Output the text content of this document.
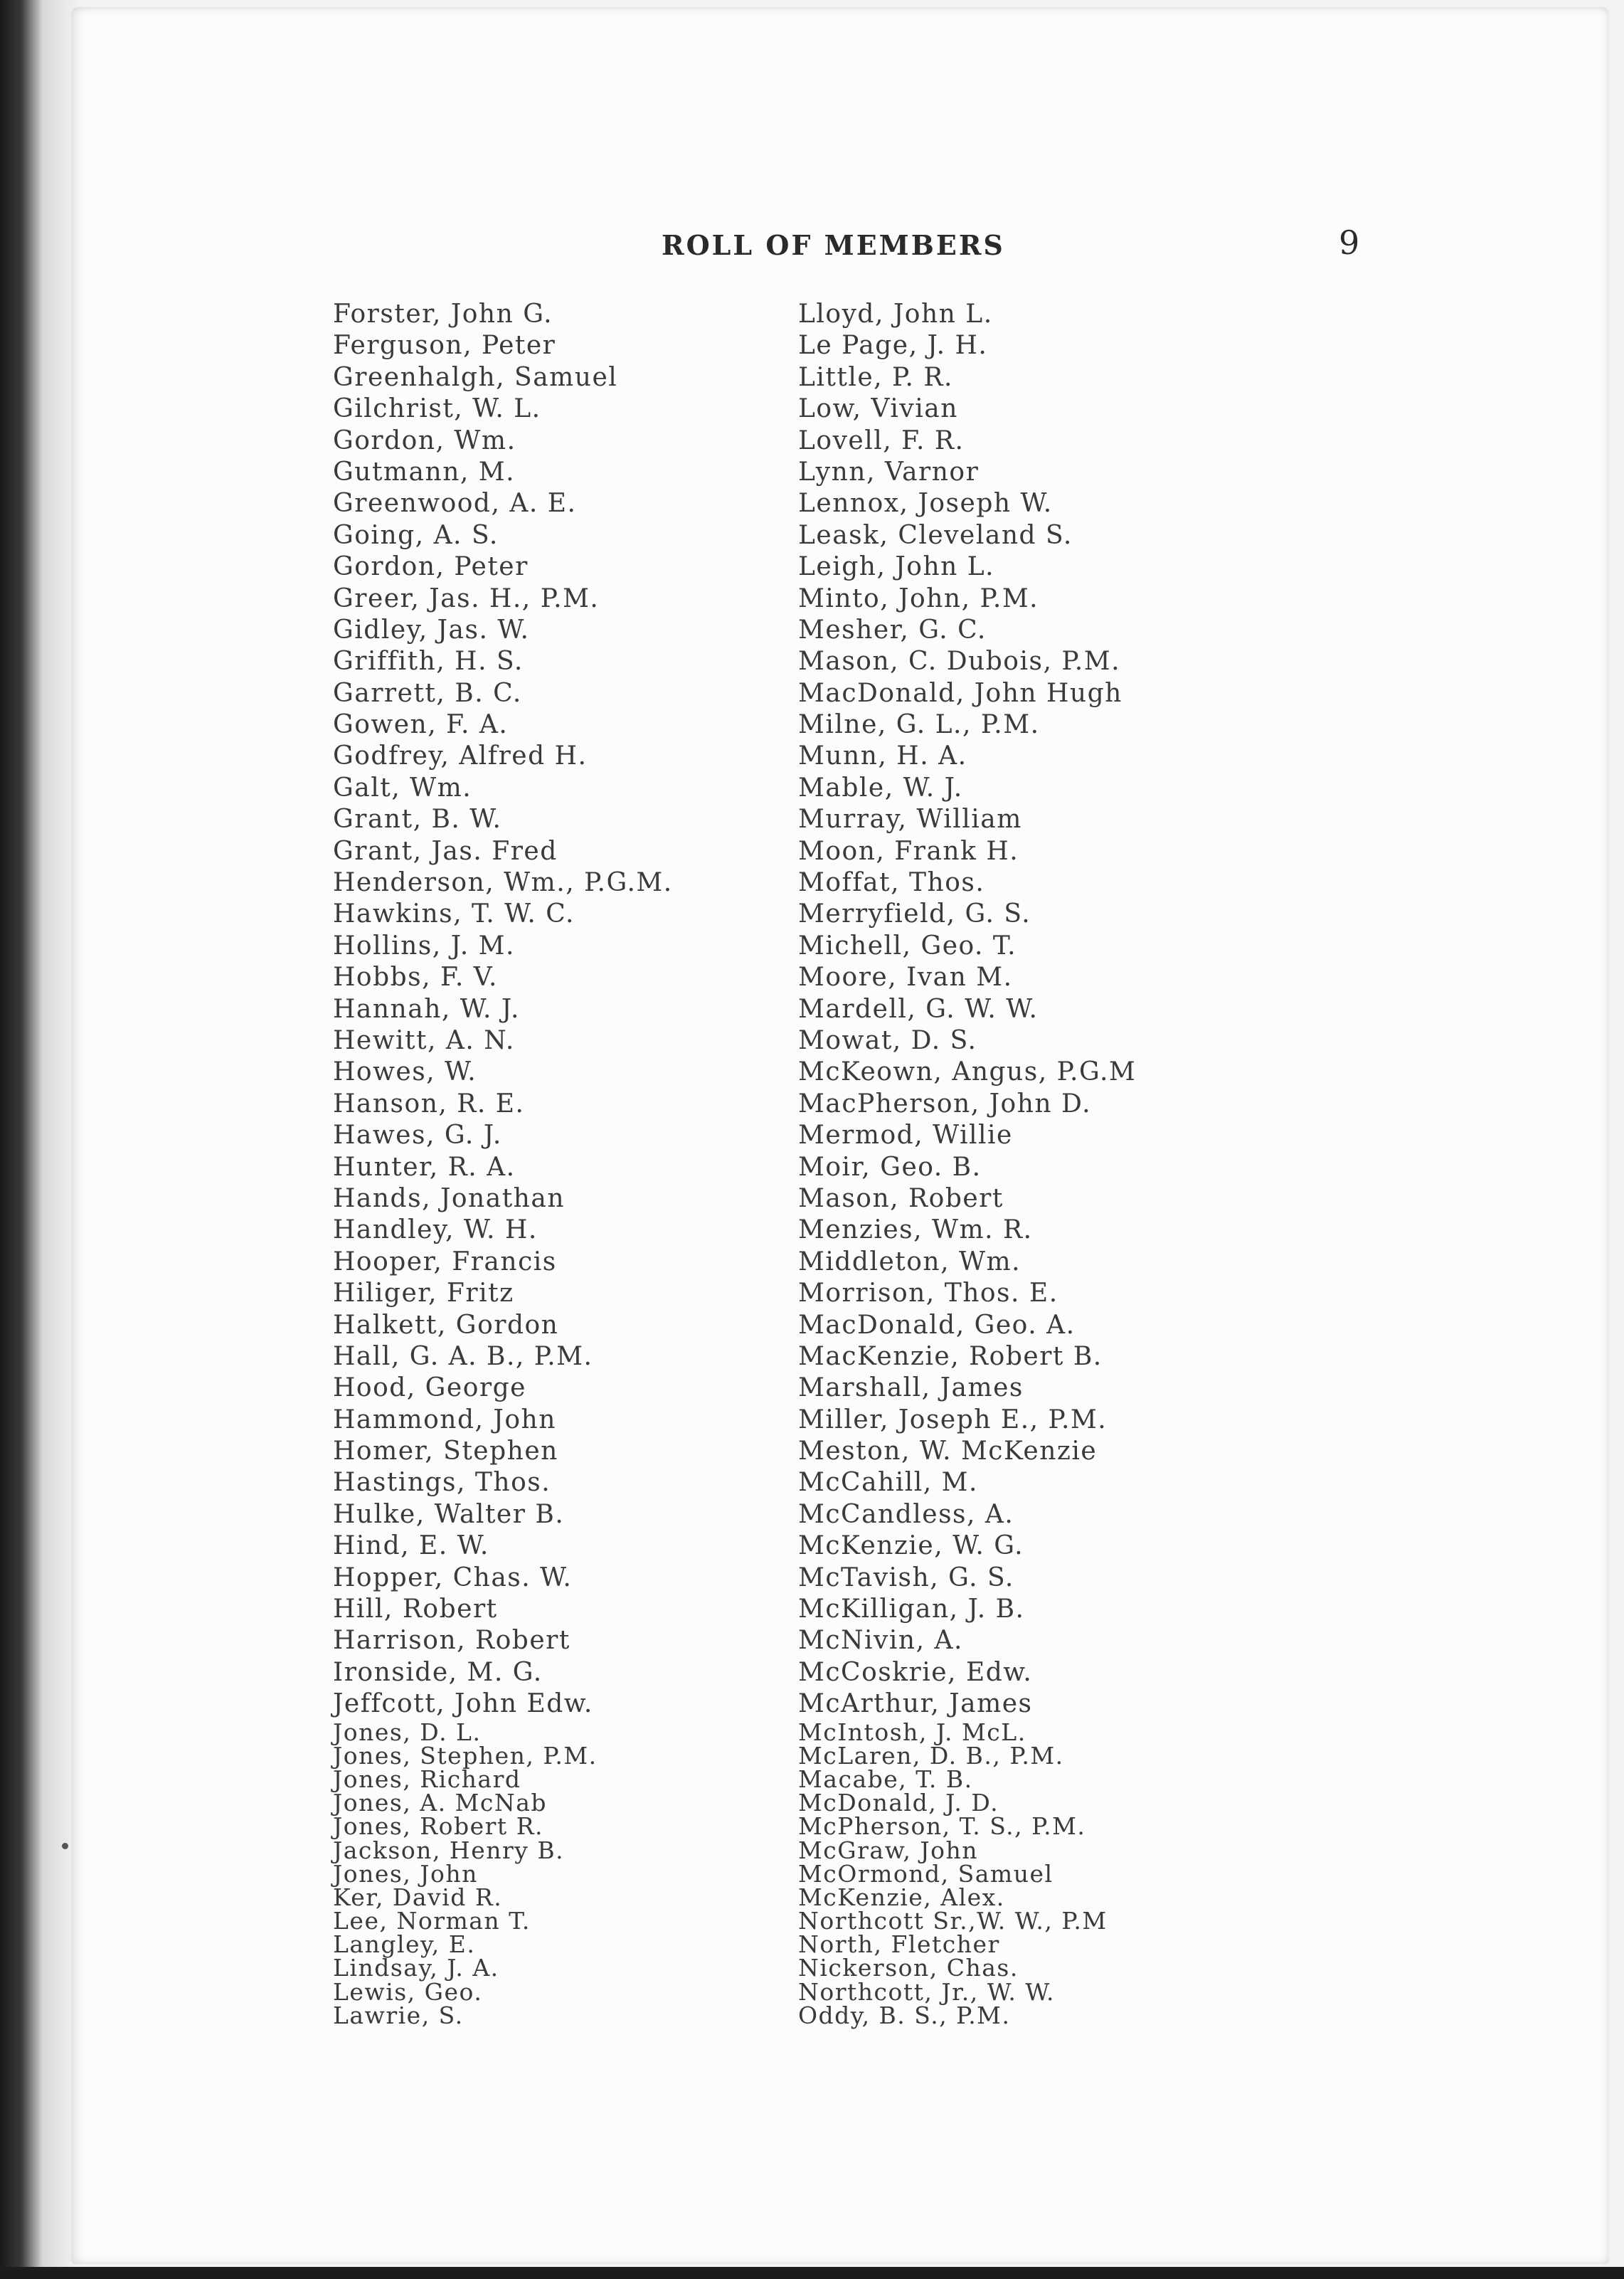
ROLL OF MEMBERS	9
Forster, John G.
Ferguson, Peter
Greenhalgh, Samuel
Gilchrist, W. L.
Gordon, Wm.
Gutmann, M.
Greenwood, A. E.
Going, A. S.
Gordon, Peter
Greer, Jas. H., P.M.
Gidley, Jas. W.
Griffith, H. S.
Garrett, B. C.
Gowen, F. A.
Godfrey, Alfred H.
Galt, Wm.
Grant, B. W.
Grant, Jas. Fred
Henderson, Wm., P.G.M.
Hawkins, T. W. C.
Hollins, J. M.
Hobbs, F. V.
Hannah, W. J.
Hewitt, A. N.
Howes, W.
Hanson, R. E.
Hawes, G. J.
Hunter, R. A.
Hands, Jonathan
Handley, W. H.
Hooper, Francis
Hiliger, Fritz
Halkett, Gordon
Hall, G. A. B., P.M.
Hood, George
Hammond, John
Homer, Stephen
Hastings, Thos.
Hulke, Walter B.
Hind, E. W.
Hopper, Chas. W.
Hill, Robert
Harrison, Robert
Ironside, M. G.
Jeffcott, John Edw.
Jones, D. L.
Jones, Stephen, P.M.
Jones, Richard
Jones, A. McNab
Jones, Robert R.
Jackson, Henry B.
Jones, John
Ker, David R.
Lee, Norman T.
Langley, E.
Lindsay, J. A.
Lewis, Geo.
Lawrie, S.
Lloyd, John L.
Le Page, J. H.
Little, P. R.
Low, Vivian
Lovell, F. R.
Lynn, Varnor
Lennox, Joseph W.
Leask, Cleveland S.
Leigh, John L.
Minto, John, P.M.
Mesher, G. C.
Mason, C. Dubois, P.M.
MacDonald, John Hugh
Milne, G. L., P.M.
Munn, H. A.
Mable, W. J.
Murray, William
Moon, Frank H.
Moffat, Thos.
Merryfield, G. S.
Michell, Geo. T.
Moore, Ivan M.
Mardell, G. W. W.
Mowat, D. S.
McKeown, Angus, P.G.M
MacPherson, John D.
Mermod, Willie
Moir, Geo. B.
Mason, Robert
Menzies, Wm. R.
Middleton, Wm.
Morrison, Thos. E.
MacDonald, Geo. A.
MacKenzie, Robert B.
Marshall, James
Miller, Joseph E., P.M.
Meston, W. McKenzie
McCahill, M.
McCandless, A.
McKenzie, W. G.
McTavish, G. S.
McKilligan, J. B.
McNivin, A.
McCoskrie, Edw.
McArthur, James
McIntosh, J. McL.
McLaren, D. B., P.M.
Macabe, T. B.
McDonald, J. D.
McPherson, T. S., P.M.
McGraw, John
McOrmond, Samuel
McKenzie, Alex.
Northcott Sr.,W. W., P.M
North, Fletcher
Nickerson, Chas.
Northcott, Jr., W. W.
Oddy, B. S., P.M.
